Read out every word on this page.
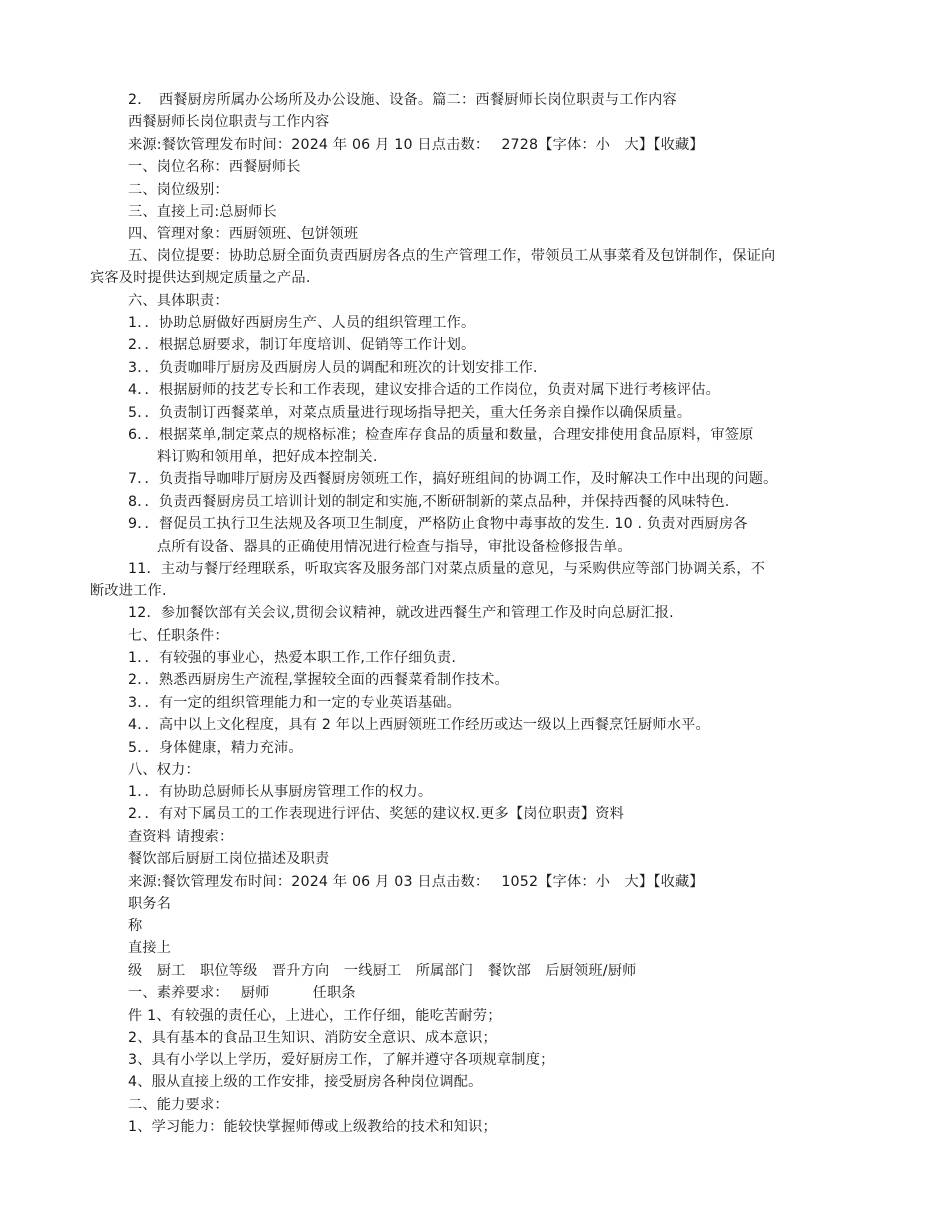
2．　西餐厨房所属办公场所及办公设施、设备。篇二：西餐厨师长岗位职责与工作内容

西餐厨师长岗位职责与工作内容

来源:餐饮管理发布时间：2024 年 06 月 10 日点击数：　 2728【字体：小　大】【收藏】

一、岗位名称：西餐厨师长

二、岗位级别：

三、直接上司:总厨师长

四、管理对象：西厨领班、包饼领班

五、岗位提要：协助总厨全面负责西厨房各点的生产管理工作，带领员工从事菜肴及包饼制作，保证向

宾客及时提供达到规定质量之产品.

六、具体职责：

1．．协助总厨做好西厨房生产、人员的组织管理工作。

2．．根据总厨要求，制订年度培训、促销等工作计划。

3．．负责咖啡厅厨房及西厨房人员的调配和班次的计划安排工作.

4．．根据厨师的技艺专长和工作表现，建议安排合适的工作岗位，负责对属下进行考核评估。

5．．负责制订西餐菜单，对菜点质量进行现场指导把关，重大任务亲自操作以确保质量。

6．．根据菜单,制定菜点的规格标准；检查库存食品的质量和数量，合理安排使用食品原料，审签原

料订购和领用单，把好成本控制关.

7．．负责指导咖啡厅厨房及西餐厨房领班工作，搞好班组间的协调工作，及时解决工作中出现的问题。

8．．负责西餐厨房员工培训计划的制定和实施,不断研制新的菜点品种，并保持西餐的风味特色.

9．．督促员工执行卫生法规及各项卫生制度，严格防止食物中毒事故的发生. 10 . 负责对西厨房各

点所有设备、器具的正确使用情况进行检查与指导，审批设备检修报告单。

11．主动与餐厅经理联系，听取宾客及服务部门对菜点质量的意见，与采购供应等部门协调关系，不

断改进工作.

12．参加餐饮部有关会议,贯彻会议精神，就改进西餐生产和管理工作及时向总厨汇报.

七、任职条件：

1．．有较强的事业心，热爱本职工作,工作仔细负责.

2．．熟悉西厨房生产流程,掌握较全面的西餐菜肴制作技术。

3．．有一定的组织管理能力和一定的专业英语基础。

4．．高中以上文化程度，具有 2 年以上西厨领班工作经历或达一级以上西餐烹饪厨师水平。

5．．身体健康，精力充沛。

八、权力：

1．．有协助总厨师长从事厨房管理工作的权力。

2．．有对下属员工的工作表现进行评估、奖惩的建议权.更多【岗位职责】资料

查资料 请搜索：

餐饮部后厨厨工岗位描述及职责

来源:餐饮管理发布时间：2024 年 06 月 03 日点击数：　 1052【字体：小　大】【收藏】

职务名

称

直接上

级　厨工　职位等级　晋升方向　一线厨工　所属部门　餐饮部　后厨领班/厨师

一、素养要求：　 厨师　　　任职条

件 1、有较强的责任心，上进心，工作仔细，能吃苦耐劳；

2、具有基本的食品卫生知识、消防安全意识、成本意识；

3、具有小学以上学历，爱好厨房工作，了解并遵守各项规章制度；

4、服从直接上级的工作安排，接受厨房各种岗位调配。

二、能力要求：

1、学习能力：能较快掌握师傅或上级教给的技术和知识；
